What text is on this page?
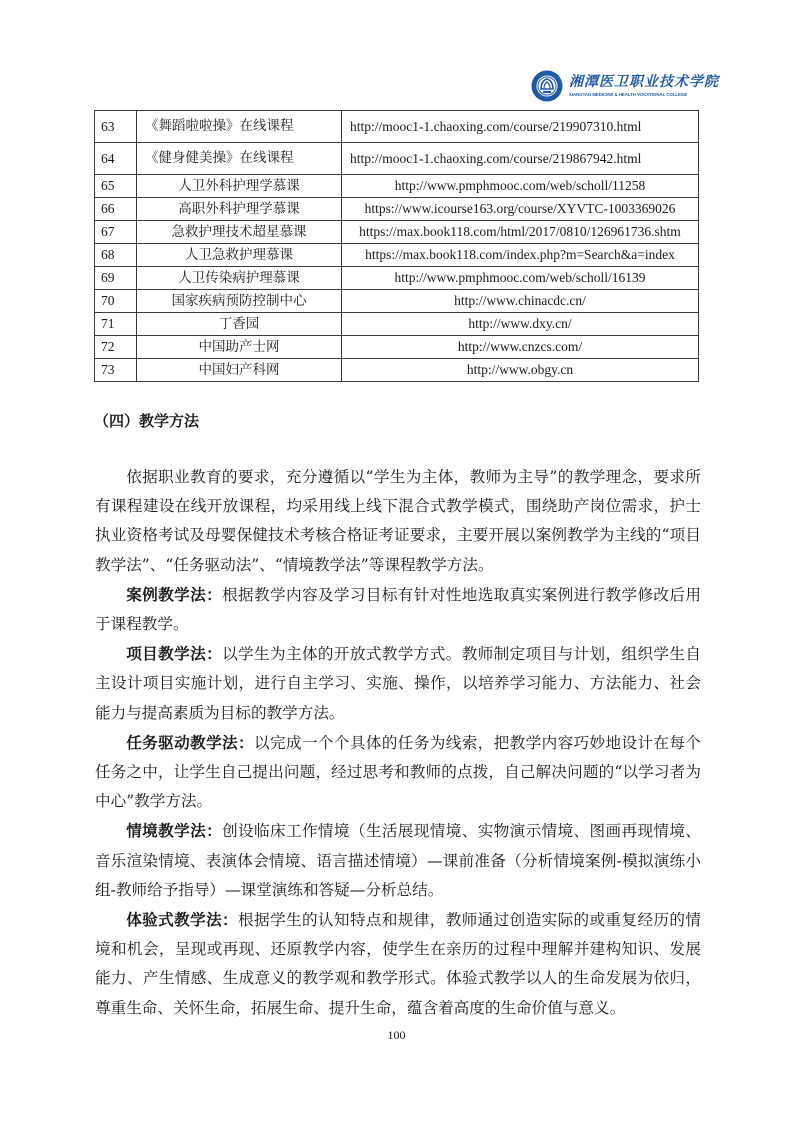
湘潭医卫职业技术学院
XIANGTAN MEDICINE & HEALTH VOCATIONAL COLLEGE
63	《舞蹈啦啦操》在线课程	http://mooc1-1.chaoxing.com/course/219907310.html
64	《健身健美操》在线课程	http://mooc1-1.chaoxing.com/course/219867942.html
65	人卫外科护理学慕课	http://www.pmphmooc.com/web/scholl/11258
66	高职外科护理学慕课	https://www.icourse163.org/course/XYVTC-1003369026
67	急救护理技术超星慕课	https://max.book118.com/html/2017/0810/126961736.shtm
68	人卫急救护理慕课	https://max.book118.com/index.php?m=Search&a=index
69	人卫传染病护理慕课	http://www.pmphmooc.com/web/scholl/16139
70	国家疾病预防控制中心	http://www.chinacdc.cn/
71	丁香园	http://www.dxy.cn/
72	中国助产士网	http://www.cnzcs.com/
73	中国妇产科网	http://www.obgy.cn
（四）教学方法

依据职业教育的要求，充分遵循以“学生为主体，教师为主导”的教学理念，要求所有课程建设在线开放课程，均采用线上线下混合式教学模式，围绕助产岗位需求，护士执业资格考试及母婴保健技术考核合格证考证要求，主要开展以案例教学为主线的“项目教学法”、“任务驱动法”、“情境教学法”等课程教学方法。

案例教学法：根据教学内容及学习目标有针对性地选取真实案例进行教学修改后用于课程教学。

项目教学法：以学生为主体的开放式教学方式。教师制定项目与计划，组织学生自主设计项目实施计划，进行自主学习、实施、操作，以培养学习能力、方法能力、社会能力与提高素质为目标的教学方法。

任务驱动教学法：以完成一个个具体的任务为线索，把教学内容巧妙地设计在每个任务之中，让学生自己提出问题，经过思考和教师的点拨，自己解决问题的“以学习者为中心”教学方法。

情境教学法：创设临床工作情境（生活展现情境、实物演示情境、图画再现情境、音乐渲染情境、表演体会情境、语言描述情境）—课前准备（分析情境案例-模拟演练小组-教师给予指导）—课堂演练和答疑—分析总结。

体验式教学法：根据学生的认知特点和规律，教师通过创造实际的或重复经历的情境和机会，呈现或再现、还原教学内容，使学生在亲历的过程中理解并建构知识、发展能力、产生情感、生成意义的教学观和教学形式。体验式教学以人的生命发展为依归，尊重生命、关怀生命，拓展生命、提升生命，蕴含着高度的生命价值与意义。

100
